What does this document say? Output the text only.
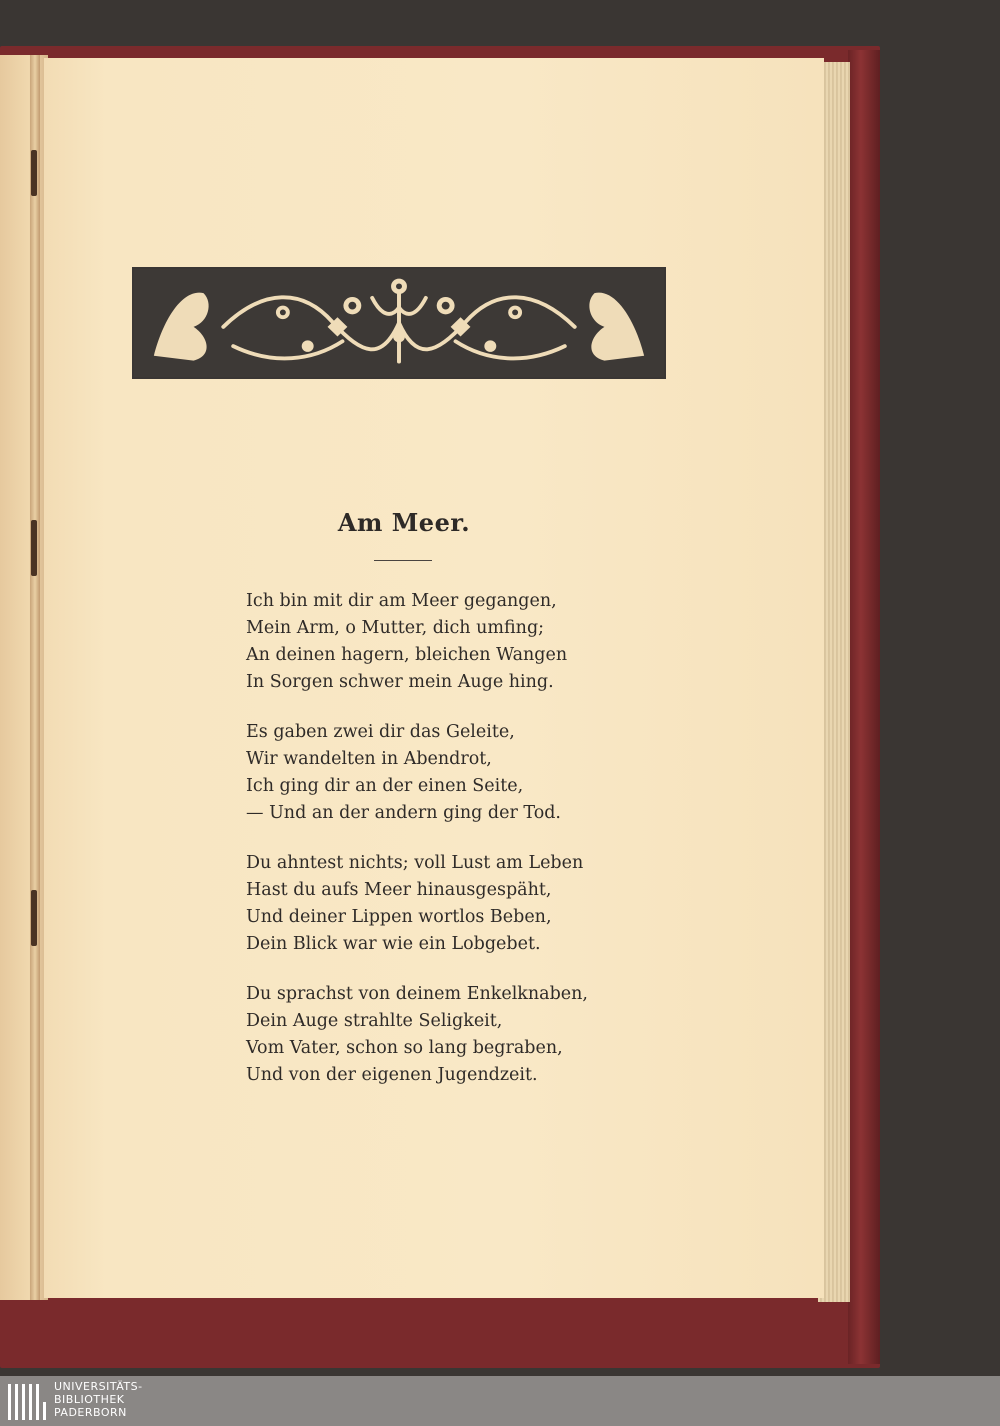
Am Meer.
Ich bin mit dir am Meer gegangen,
Mein Arm, o Mutter, dich umfing;
An deinen hagern, bleichen Wangen
In Sorgen schwer mein Auge hing.
Es gaben zwei dir das Geleite,
Wir wandelten in Abendrot,
Ich ging dir an der einen Seite,
— Und an der andern ging der Tod.
Du ahntest nichts; voll Lust am Leben
Hast du aufs Meer hinausgespäht,
Und deiner Lippen wortlos Beben,
Dein Blick war wie ein Lobgebet.
Du sprachst von deinem Enkelknaben,
Dein Auge strahlte Seligkeit,
Vom Vater, schon so lang begraben,
Und von der eigenen Jugendzeit.
UNIVERSITÄTS-
BIBLIOTHEK
PADERBORN
